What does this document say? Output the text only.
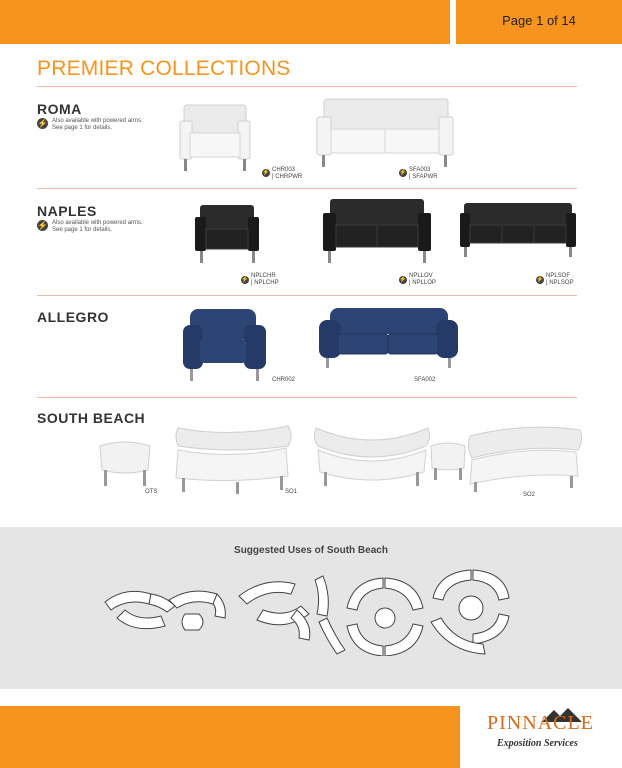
Page 1 of 14
PREMIER COLLECTIONS
ROMA
⚡ Also available with powered arms.
See page 1 for details.
⚡ CHR003
| CHRPWR
⚡ SFA003
| SFAPWR
NAPLES
⚡ Also available with powered arms.
See page 1 for details.
⚡
NPLCHR
| NPLCHP	⚡
NPLLOV
| NPLLOP	⚡
NPLSOF
| NPLSOP
ALLEGRO
CHR002	SFA002
SOUTH BEACH
OTS	SO1	SO2
Suggested Uses of South Beach
PINNACLE
Exposition Services
